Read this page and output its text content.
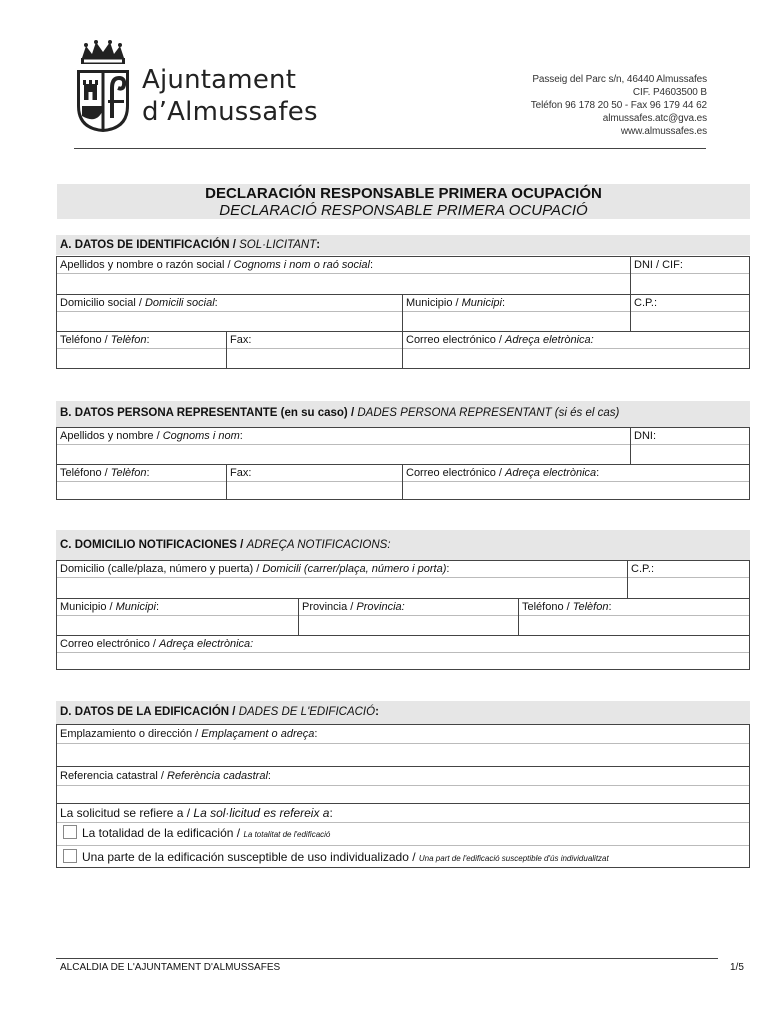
Ajuntament
d’Almussafes
Passeig del Parc s/n, 46440 Almussafes
CIF. P4603500 B
Teléfon 96 178 20 50 - Fax 96 179 44 62
almussafes.atc@gva.es
www.almussafes.es
DECLARACIÓN RESPONSABLE PRIMERA OCUPACIÓN
DECLARACIÓ RESPONSABLE PRIMERA OCUPACIÓ
A. DATOS DE IDENTIFICACIÓN / SOL·LICITANT:
Apellidos y nombre o razón social / Cognoms i nom o raó social:	DNI / CIF:
Domicilio social / Domicili social:	Municipio / Municipi:	C.P.:
Teléfono / Telèfon:	Fax:	Correo electrónico / Adreça eletrònica:
B. DATOS PERSONA REPRESENTANTE (en su caso) / DADES PERSONA REPRESENTANT (si és el cas)
Apellidos y nombre / Cognoms i nom:	DNI:
Teléfono / Telèfon:	Fax:	Correo electrónico / Adreça electrònica:
C. DOMICILIO NOTIFICACIONES / ADREÇA NOTIFICACIONS:
Domicilio (calle/plaza, número y puerta) / Domicili (carrer/plaça, número i porta):	C.P.:
Municipio / Municipi:	Provincia / Provincia:	Teléfono / Telèfon:
Correo electrónico / Adreça electrònica:
D. DATOS DE LA EDIFICACIÓN / DADES DE L'EDIFICACIÓ:
Emplazamiento o dirección / Emplaçament o adreça:
Referencia catastral / Referència cadastral:
La solicitud se refiere a / La sol·licitud es refereix a:
La totalidad de la edificación / La totalitat de l'edificació
Una parte de la edificación susceptible de uso individualizado / Una part de l'edificació susceptible d'ús individualitzat
ALCALDIA DE L'AJUNTAMENT D'ALMUSSAFES	1/5
